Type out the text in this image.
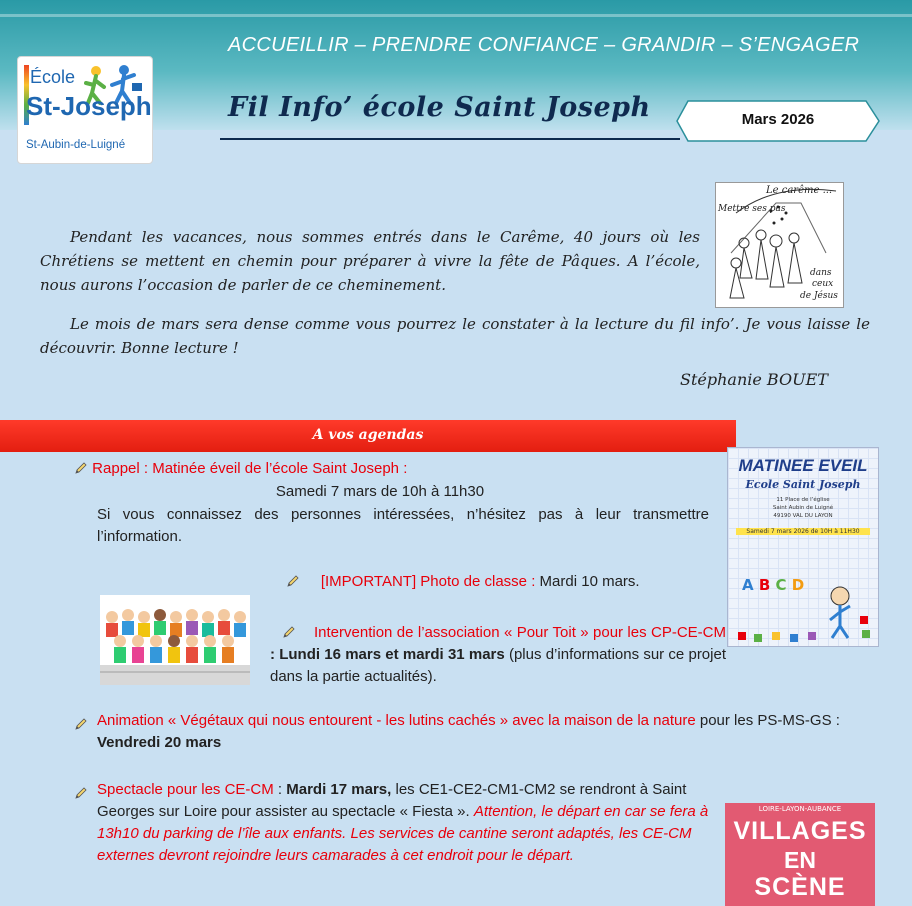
ACCUEILLIR – PRENDRE CONFIANCE – GRANDIR – S’ENGAGER
École
St-Joseph
St-Aubin-de-Luigné
Fil Info’ école Saint Joseph	Mars 2026
Le carême ...
Mettre ses pas
dans
ceux
de Jésus

Pendant les vacances, nous sommes entrés dans le Carême, 40 jours où les Chrétiens se mettent en chemin pour préparer à vivre la fête de Pâques. A l’école, nous aurons l’occasion de parler de ce cheminement.

Le mois de mars sera dense comme vous pourrez le constater à la lecture du fil info’. Je vous laisse le découvrir. Bonne lecture !

Stéphanie BOUET
A vos agendas
MATINEE EVEIL
Ecole Saint Joseph
11 Place de l’église
Saint Aubin de Luigné
49190 VAL DU LAYON
Samedi 7 mars 2026 de 10H à 11H30
A B C D
Rappel : Matinée éveil de l’école Saint Joseph :
Samedi 7 mars de 10h à 11h30
Si vous connaissez des personnes intéressées, n’hésitez pas à leur transmettre l’information.
[IMPORTANT] Photo de classe : Mardi 10 mars.
Intervention de l’association « Pour Toit » pour les CP-CE-CM : Lundi 16 mars et mardi 31 mars (plus d’informations sur ce projet dans la partie actualités).
Animation « Végétaux qui nous entourent - les lutins cachés » avec la maison de la nature pour les PS-MS-GS : Vendredi 20 mars
Spectacle pour les CE-CM : Mardi 17 mars, les CE1-CE2-CM1-CM2 se rendront à Saint Georges sur Loire pour assister au spectacle « Fiesta ». Attention, le départ en car se fera à 13h10 du parking de l’île aux enfants. Les services de cantine seront adaptés, les CE-CM externes devront rejoindre leurs camarades à cet endroit pour le départ.
LOIRE-LAYON-AUBANCE
VILLAGES
EN
SCÈNE
